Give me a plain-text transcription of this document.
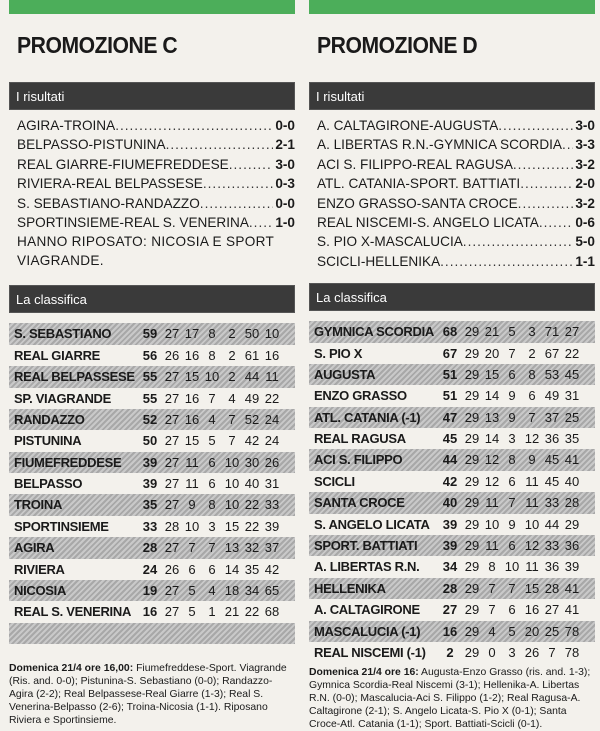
PROMOZIONE C
I risultati
AGIRA-TROINA .....	0-0
BELPASSO-PISTUNINA .....	2-1
REAL GIARRE-FIUMEFREDDESE .....	3-0
RIVIERA-REAL BELPASSESE .....	0-3
S. SEBASTIANO-RANDAZZO .....	0-0
SPORTINSIEME-REAL S. VENERINA ..... 1-0
HANNO RIPOSATO: NICOSIA E SPORT VIAGRANDE.
La classifica
S. SEBASTIANO	59 27 17 8 2 50 10
REAL GIARRE	56 26 16 8 2 61 16
REAL BELPASSESE 55 27 15 10 2 44 11
SP. VIAGRANDE	55 27 16 7 4 49 22
RANDAZZO	52 27 16 4 7 52 24
PISTUNINA	50 27 15 5 7 42 24
FIUMEFREDDESE	39 27 11 6 10 30 26
BELPASSO	39 27 11 6 10 40 31
TROINA	35 27 9 8 10 22 33
SPORTINSIEME	33 28 10 3 15 22 39
AGIRA	28 27 7 7 13 32 37
RIVIERA	24 26 6 6 14 35 42
NICOSIA	19 27 5 4 18 34 65
REAL S. VENERINA 16 27 5 1 21 22 68
Domenica 21/4 ore 16,00: Fiumefreddese-Sport. Viagrande (Ris. and. 0-0); Pistunina-S. Sebastiano (0-0); Randazzo-Agira (2-2); Real Belpassese-Real Giarre (1-3); Real S. Venerina-Belpasso (2-6); Troina-Nicosia (1-1). Riposano Riviera e Sportinsieme.
PROMOZIONE D
I risultati
A. CALTAGIRONE-AUGUSTA .....	3-0
A. LIBERTAS R.N.-GYMNICA SCORDIA ..... 3-3
ACI S. FILIPPO-REAL RAGUSA .....	3-2
ATL. CATANIA-SPORT. BATTIATI .....	2-0
ENZO GRASSO-SANTA CROCE .....	3-2
REAL NISCEMI-S. ANGELO LICATA .....	0-6
S. PIO X-MASCALUCIA .....	5-0
SCICLI-HELLENIKA .....	1-1
La classifica
GYMNICA SCORDIA 68 29 21 5 3 71 27
S. PIO X	67 29 20 7 2 67 22
AUGUSTA	51 29 15 6 8 53 45
ENZO GRASSO	51 29 14 9 6 49 31
ATL. CATANIA (-1)	47 29 13 9 7 37 25
REAL RAGUSA	45 29 14 3 12 36 35
ACI S. FILIPPO	44 29 12 8 9 45 41
SCICLI	42 29 12 6 11 45 40
SANTA CROCE	40 29 11 7 11 33 28
S. ANGELO LICATA	39 29 10 9 10 44 29
SPORT. BATTIATI	39 29 11 6 12 33 36
A. LIBERTAS R.N.	34 29 8 10 11 36 39
HELLENIKA	28 29 7 7 15 28 41
A. CALTAGIRONE	27 29 7 6 16 27 41
MASCALUCIA (-1)	16 29 4 5 20 25 78
REAL NISCEMI (-1)	2 29 0 3 26 7 78
Domenica 21/4 ore 16: Augusta-Enzo Grasso (ris. and. 1-3); Gymnica Scordia-Real Niscemi (3-1); Hellenika-A. Libertas R.N. (0-0); Mascalucia-Aci S. Filippo (1-2); Real Ragusa-A. Caltagirone (2-1); S. Angelo Licata-S. Pio X (0-1); Santa Croce-Atl. Catania (1-1); Sport. Battiati-Scicli (0-1).
